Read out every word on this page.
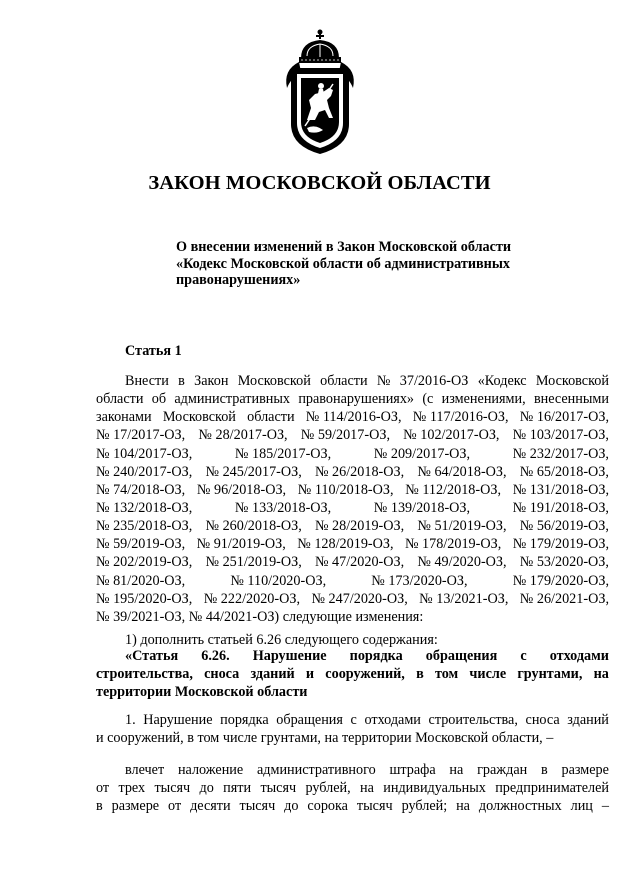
ЗАКОН МОСКОВСКОЙ ОБЛАСТИ
О внесении изменений в Закон Московской области
«Кодекс Московской области об административных
правонарушениях»
Статья 1
Внести в Закон Московской области № 37/2016-ОЗ «Кодекс Московской
области об административных правонарушениях» (с изменениями, внесенными
законами Московской области № 114/2016-ОЗ, № 117/2016-ОЗ, № 16/2017-ОЗ,
№ 17/2017-ОЗ, № 28/2017-ОЗ, № 59/2017-ОЗ, № 102/2017-ОЗ, № 103/2017-ОЗ,
№ 104/2017-ОЗ,	№ 185/2017-ОЗ,	№ 209/2017-ОЗ,	№ 232/2017-ОЗ,
№ 240/2017-ОЗ, № 245/2017-ОЗ, № 26/2018-ОЗ, № 64/2018-ОЗ, № 65/2018-ОЗ,
№ 74/2018-ОЗ, № 96/2018-ОЗ, № 110/2018-ОЗ, № 112/2018-ОЗ, № 131/2018-ОЗ,
№ 132/2018-ОЗ,	№ 133/2018-ОЗ,	№ 139/2018-ОЗ,	№ 191/2018-ОЗ,
№ 235/2018-ОЗ, № 260/2018-ОЗ, № 28/2019-ОЗ, № 51/2019-ОЗ, № 56/2019-ОЗ,
№ 59/2019-ОЗ, № 91/2019-ОЗ, № 128/2019-ОЗ, № 178/2019-ОЗ, № 179/2019-ОЗ,
№ 202/2019-ОЗ, № 251/2019-ОЗ, № 47/2020-ОЗ, № 49/2020-ОЗ, № 53/2020-ОЗ,
№ 81/2020-ОЗ,	№ 110/2020-ОЗ,	№ 173/2020-ОЗ,	№ 179/2020-ОЗ,
№ 195/2020-ОЗ, № 222/2020-ОЗ, № 247/2020-ОЗ, № 13/2021-ОЗ, № 26/2021-ОЗ,
№ 39/2021-ОЗ, № 44/2021-ОЗ) следующие изменения:
1) дополнить статьей 6.26 следующего содержания:
«Статья 6.26. Нарушение порядка обращения с отходами
строительства, сноса зданий и сооружений, в том числе грунтами, на
территории Московской области
1. Нарушение порядка обращения с отходами строительства, сноса зданий
и сооружений, в том числе грунтами, на территории Московской области, –
влечет наложение административного штрафа на граждан в размере
от трех тысяч до пяти тысяч рублей, на индивидуальных предпринимателей
в размере от десяти тысяч до сорока тысяч рублей; на должностных лиц –
